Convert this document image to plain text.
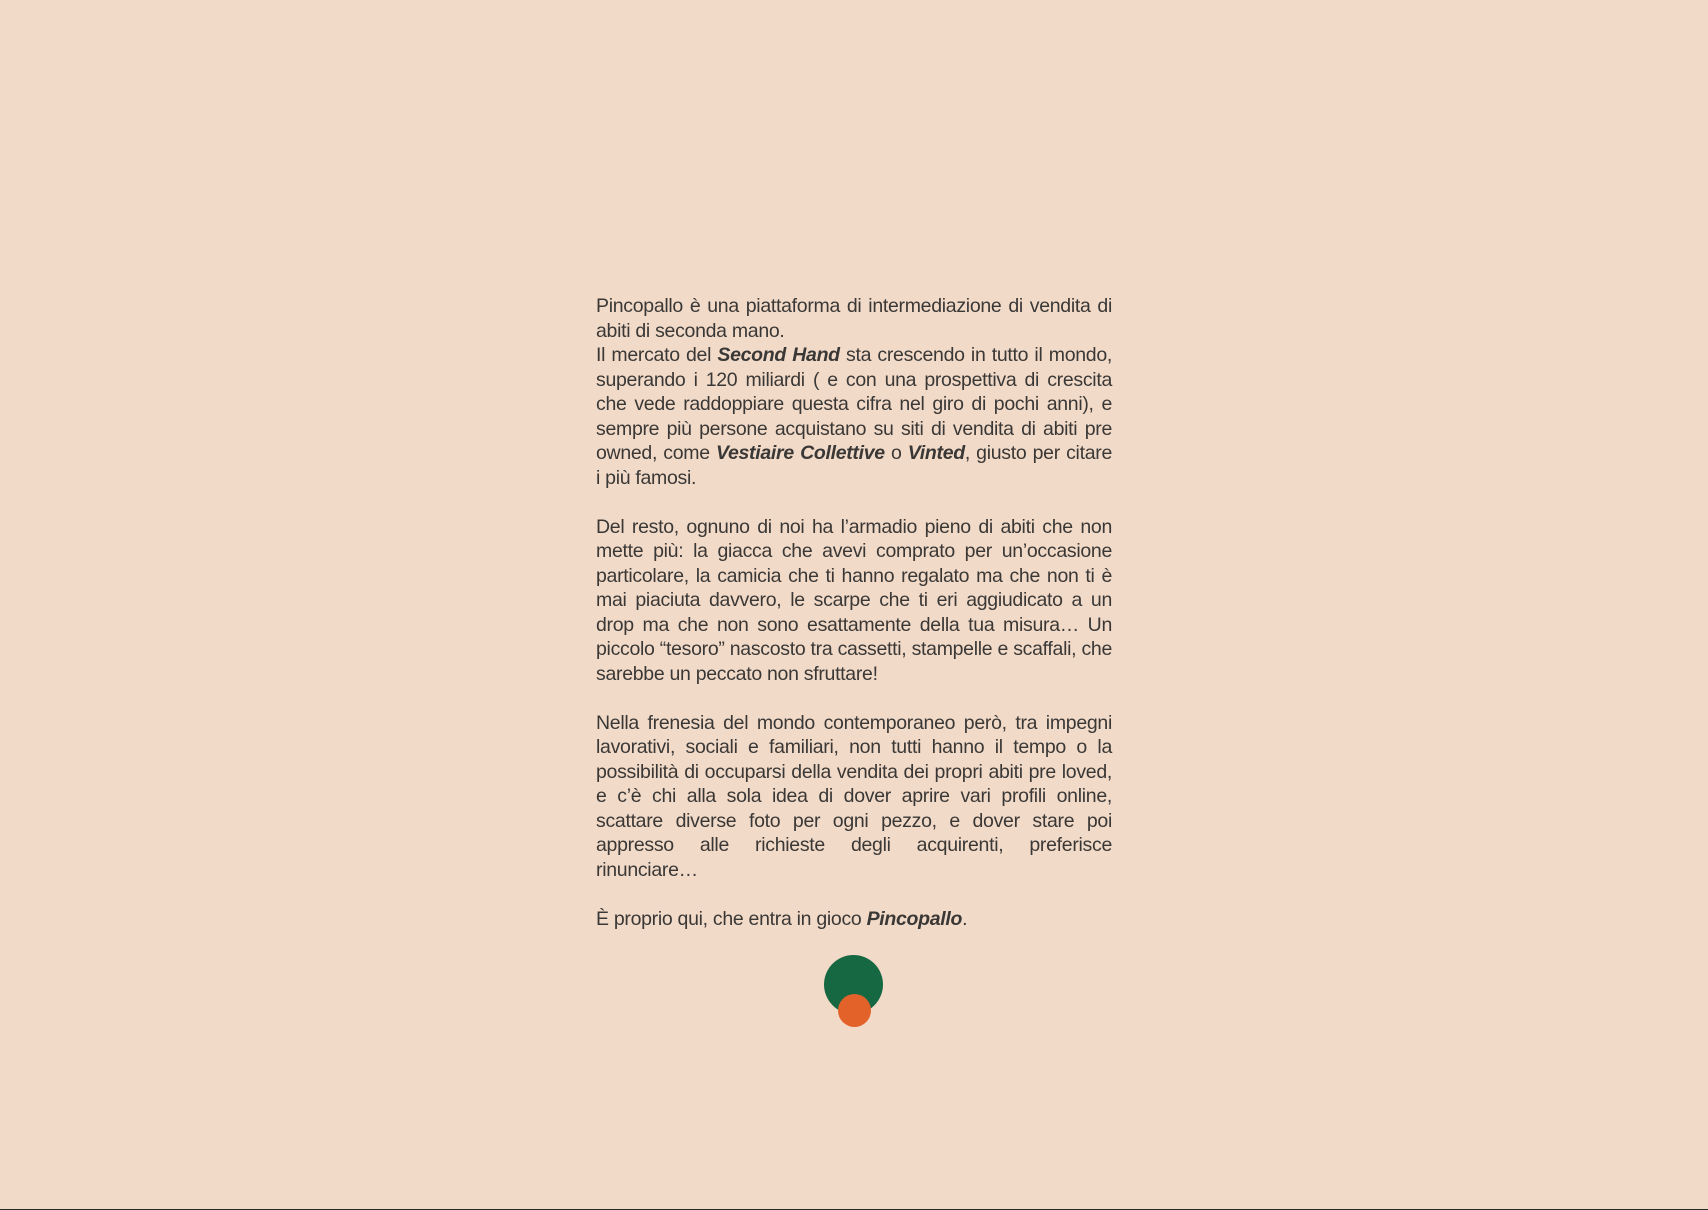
Pincopallo è una piattaforma di intermediazione di vendita di abiti di seconda mano.

Il mercato del Second Hand sta crescendo in tutto il mondo, superando i 120 miliardi ( e con una prospettiva di crescita che vede raddoppiare questa cifra nel giro di pochi anni), e sempre più persone acquistano su siti di vendita di abiti pre owned, come Vestiaire Collettive o Vinted, giusto per citare i più famosi.

Del resto, ognuno di noi ha l’armadio pieno di abiti che non mette più: la giacca che avevi comprato per un’occasione particolare, la camicia che ti hanno regalato ma che non ti è mai piaciuta davvero, le scarpe che ti eri aggiudicato a un drop ma che non sono esattamente della tua misura… Un piccolo “tesoro” nascosto tra cassetti, stampelle e scaffali, che sarebbe un peccato non sfruttare!

Nella frenesia del mondo contemporaneo però, tra impegni lavorativi, sociali e familiari, non tutti hanno il tempo o la possibilità di occuparsi della vendita dei propri abiti pre loved, e c’è chi alla sola idea di dover aprire vari profili online, scattare diverse foto per ogni pezzo, e dover stare poi appresso alle richieste degli acquirenti, preferisce rinunciare…

È proprio qui, che entra in gioco Pincopallo.
